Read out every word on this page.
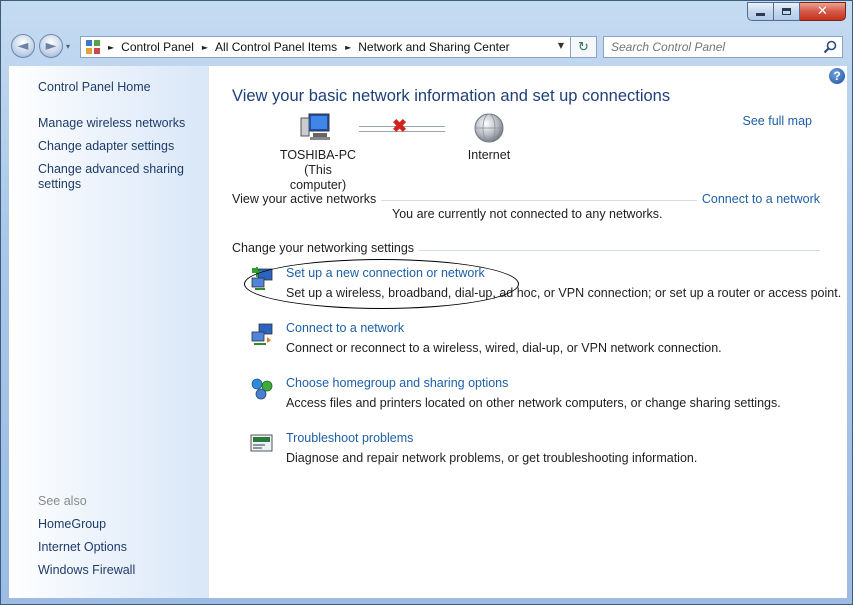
✕
◄ ► ▾	► Control Panel ► All Control Panel Items ► Network and Sharing Center	▼ ↻
Search Control Panel
Control Panel Home
Manage wireless networks
Change adapter settings
Change advanced sharing settings
See also
HomeGroup
Internet Options
Windows Firewall
?
View your basic network information and set up connections
See full map
✖
TOSHIBA-PC
(This computer)
Internet
View your active networks	Connect to a network
You are currently not connected to any networks.
Change your networking settings
Set up a new connection or network
Set up a wireless, broadband, dial-up, ad hoc, or VPN connection; or set up a router or access point.
Connect to a network
Connect or reconnect to a wireless, wired, dial-up, or VPN network connection.
Choose homegroup and sharing options
Access files and printers located on other network computers, or change sharing settings.
Troubleshoot problems
Diagnose and repair network problems, or get troubleshooting information.
